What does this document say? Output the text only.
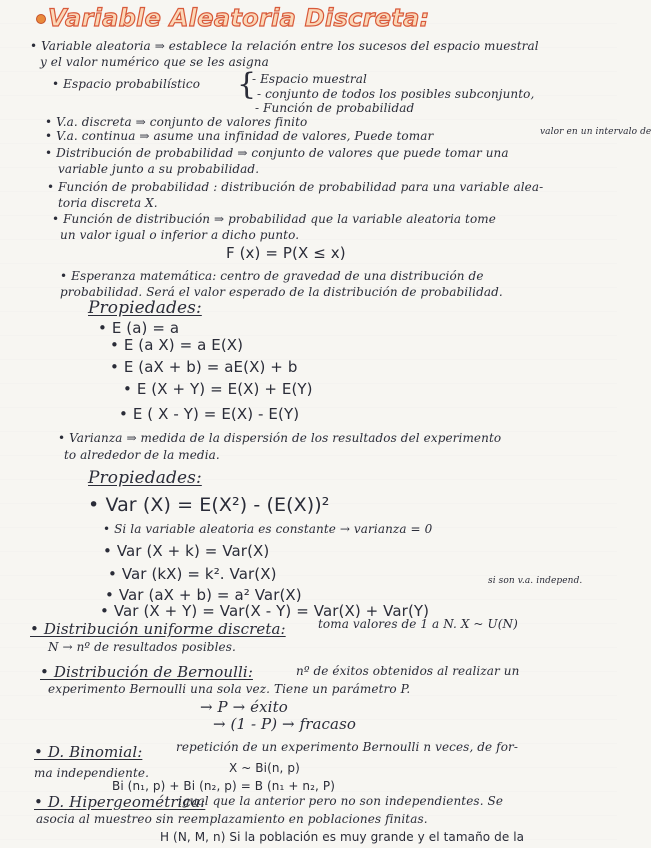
Variable Aleatoria Discreta:
• Variable aleatoria ⇒ establece la relación entre los sucesos del espacio muestral
y el valor numérico que se les asigna
• Espacio probabilístico {
- Espacio muestral
- conjunto de todos los posibles subconjunto,
- Función de probabilidad
• V.a. discreta ⇒ conjunto de valores finito
• V.a. continua ⇒ asume una infinidad de valores, Puede tomar	valor en un intervalo de
• Distribución de probabilidad ⇒ conjunto de valores que puede tomar una
variable junto a su probabilidad.
• Función de probabilidad : distribución de probabilidad para una variable alea-
toria discreta X.
• Función de distribución ⇒ probabilidad que la variable aleatoria tome
un valor igual o inferior a dicho punto.
F (x) = P(X ≤ x)
• Esperanza matemática: centro de gravedad de una distribución de
probabilidad. Será el valor esperado de la distribución de probabilidad.
Propiedades:
• E (a) = a
• E (a X) = a E(X)
• E (aX + b) = aE(X) + b
• E (X + Y) = E(X) + E(Y)
• E ( X - Y) = E(X) - E(Y)
• Varianza ⇒ medida de la dispersión de los resultados del experimento
to alrededor de la media.
Propiedades:
• Var (X) = E(X²) - (E(X))²
• Si la variable aleatoria es constante → varianza = 0
• Var (X + k) = Var(X)
• Var (kX) = k². Var(X)
• Var (aX + b) = a² Var(X)
• Var (X + Y) = Var(X - Y) = Var(X) + Var(Y)
si son v.a. independ.
• Distribución uniforme discreta:	toma valores de 1 a N. X ~ U(N)
N → nº de resultados posibles.
• Distribución de Bernoulli:	nº de éxitos obtenidos al realizar un
experimento Bernoulli una sola vez. Tiene un parámetro P.
→ P → éxito
→ (1 - P) → fracaso
• D. Binomial:	repetición de un experimento Bernoulli n veces, de for-
ma independiente.	X ~ Bi(n, p)
Bi (n₁, p) + Bi (n₂, p) = B (n₁ + n₂, P)
• D. Hipergeométrica:
igual que la anterior pero no son independientes. Se
asocia al muestreo sin reemplazamiento en poblaciones finitas.
H (N, M, n) Si la población es muy grande y el tamaño de la
